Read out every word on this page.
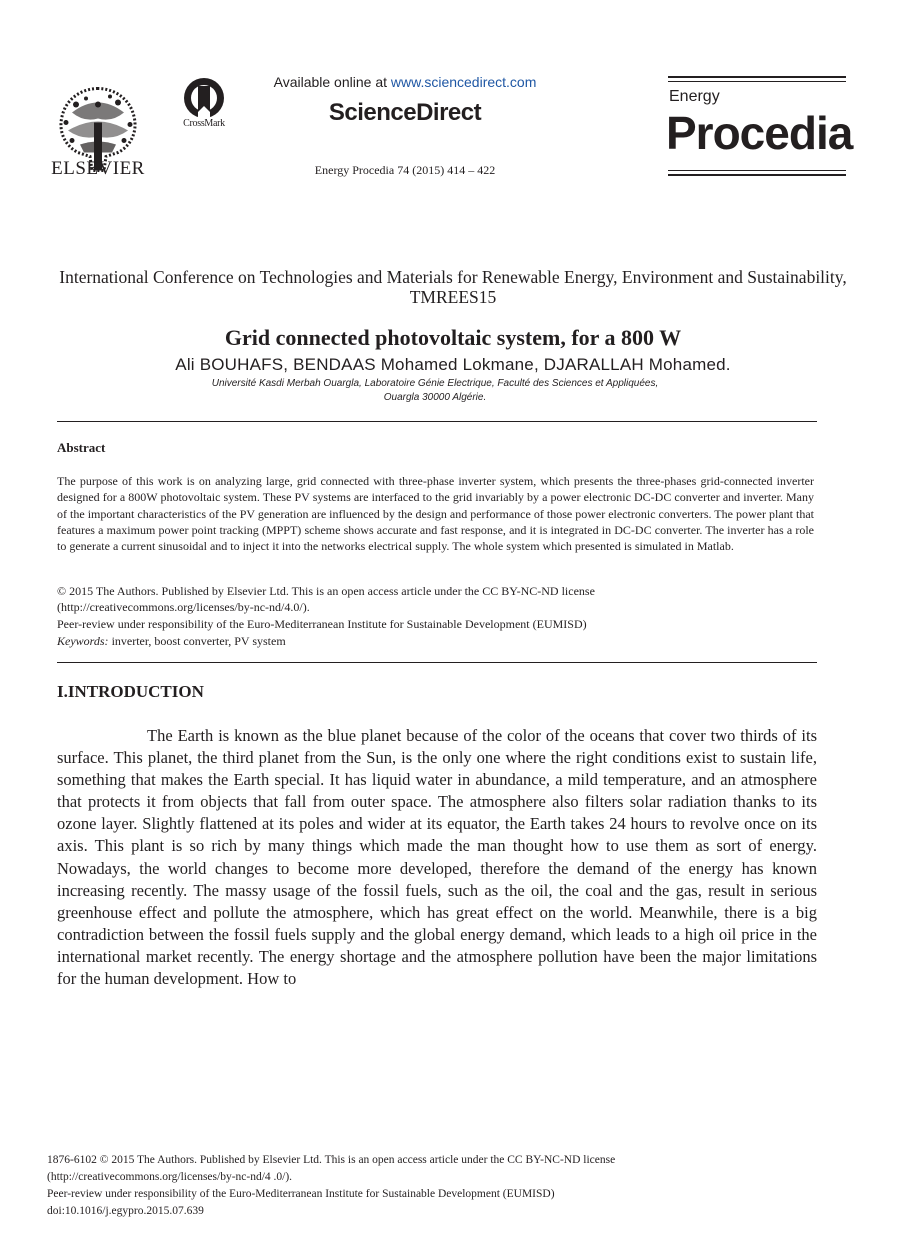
ELSEVIER
CrossMark
Available online at www.sciencedirect.com
ScienceDirect
Energy Procedia 74 (2015) 414 – 422
Energy
Procedia
International Conference on Technologies and Materials for Renewable Energy, Environment and Sustainability, TMREES15
Grid connected photovoltaic system, for a 800 W
Ali BOUHAFS, BENDAAS Mohamed Lokmane, DJARALLAH Mohamed.
Université Kasdi Merbah Ouargla, Laboratoire Génie Electrique, Faculté des Sciences et Appliquées,
Ouargla 30000 Algérie.
Abstract
The purpose of this work is on analyzing large, grid connected with three-phase inverter system, which presents the three-phases grid-connected inverter designed for a 800W photovoltaic system. These PV systems are interfaced to the grid invariably by a power electronic DC-DC converter and inverter. Many of the important characteristics of the PV generation are influenced by the design and performance of those power electronic converters. The power plant that features a maximum power point tracking (MPPT) scheme shows accurate and fast response, and it is integrated in DC-DC converter. The inverter has a role to generate a current sinusoidal and to inject it into the networks electrical supply. The whole system which presented is simulated in Matlab.
© 2015 The Authors. Published by Elsevier Ltd. This is an open access article under the CC BY-NC-ND license
(http://creativecommons.org/licenses/by-nc-nd/4.0/).
Peer-review under responsibility of the Euro-Mediterranean Institute for Sustainable Development (EUMISD)
Keywords: inverter, boost converter, PV system
I.INTRODUCTION
The Earth is known as the blue planet because of the color of the oceans that cover two thirds of its surface. This planet, the third planet from the Sun, is the only one where the right conditions exist to sustain life, something that makes the Earth special. It has liquid water in abundance, a mild temperature, and an atmosphere that protects it from objects that fall from outer space. The atmosphere also filters solar radiation thanks to its ozone layer. Slightly flattened at its poles and wider at its equator, the Earth takes 24 hours to revolve once on its axis. This plant is so rich by many things which made the man thought how to use them as sort of energy. Nowadays, the world changes to become more developed, therefore the demand of the energy has known increasing recently. The massy usage of the fossil fuels, such as the oil, the coal and the gas, result in serious greenhouse effect and pollute the atmosphere, which has great effect on the world. Meanwhile, there is a big contradiction between the fossil fuels supply and the global energy demand, which leads to a high oil price in the international market recently. The energy shortage and the atmosphere pollution have been the major limitations for the human development. How to
1876-6102 © 2015 The Authors. Published by Elsevier Ltd. This is an open access article under the CC BY-NC-ND license
(http://creativecommons.org/licenses/by-nc-nd/4 .0/).
Peer-review under responsibility of the Euro-Mediterranean Institute for Sustainable Development (EUMISD)
doi:10.1016/j.egypro.2015.07.639
